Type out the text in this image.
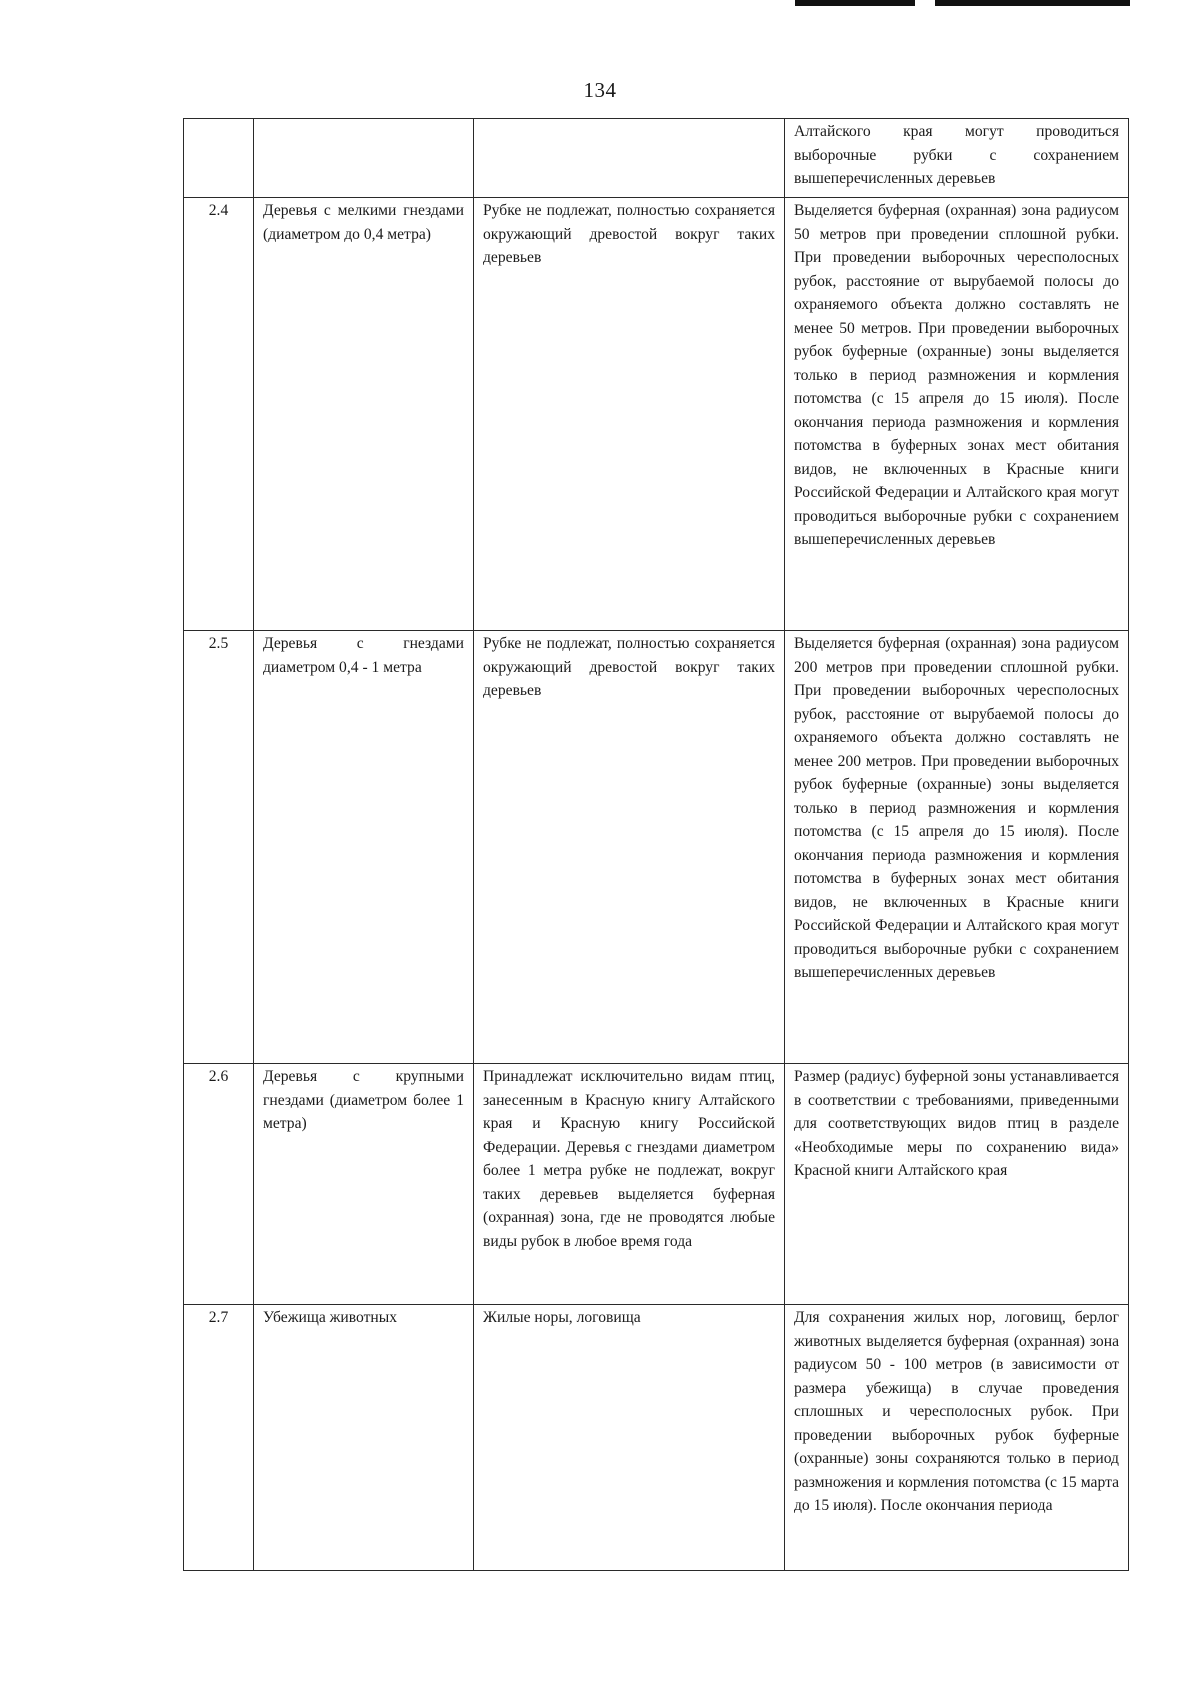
134
			Алтайского края могут проводиться выборочные рубки с сохранением вышеперечисленных деревьев
2.4	Деревья с мелкими гнездами (диаметром до 0,4 метра)	Рубке не подлежат, полностью сохраняется окружающий древостой вокруг таких деревьев	Выделяется буферная (охранная) зона радиусом 50 метров при проведении сплошной рубки. При проведении выборочных чересполосных рубок, расстояние от вырубаемой полосы до охраняемого объекта должно составлять не менее 50 метров. При проведении выборочных рубок буферные (охранные) зоны выделяется только в период размножения и кормления потомства (с 15 апреля до 15 июля). После окончания периода размножения и кормления потомства в буферных зонах мест обитания видов, не включенных в Красные книги Российской Федерации и Алтайского края могут проводиться выборочные рубки с сохранением вышеперечисленных деревьев
2.5	Деревья с гнездами диаметром 0,4 - 1 метра	Рубке не подлежат, полностью сохраняется окружающий древостой вокруг таких деревьев	Выделяется буферная (охранная) зона радиусом 200 метров при проведении сплошной рубки. При проведении выборочных чересполосных рубок, расстояние от вырубаемой полосы до охраняемого объекта должно составлять не менее 200 метров. При проведении выборочных рубок буферные (охранные) зоны выделяется только в период размножения и кормления потомства (с 15 апреля до 15 июля). После окончания периода размножения и кормления потомства в буферных зонах мест обитания видов, не включенных в Красные книги Российской Федерации и Алтайского края могут проводиться выборочные рубки с сохранением вышеперечисленных деревьев
2.6	Деревья с крупными гнездами (диаметром более 1 метра)	Принадлежат исключительно видам птиц, занесенным в Красную книгу Алтайского края и Красную книгу Российской Федерации. Деревья с гнездами диаметром более 1 метра рубке не подлежат, вокруг таких деревьев выделяется буферная (охранная) зона, где не проводятся любые виды рубок в любое время года	Размер (радиус) буферной зоны устанавливается в соответствии с требованиями, приведенными для соответствующих видов птиц в разделе «Необходимые меры по сохранению вида» Красной книги Алтайского края
2.7	Убежища животных	Жилые норы, логовища	Для сохранения жилых нор, логовищ, берлог животных выделяется буферная (охранная) зона радиусом 50 - 100 метров (в зависимости от размера убежища) в случае проведения сплошных и чересполосных рубок. При проведении выборочных рубок буферные (охранные) зоны сохраняются только в период размножения и кормления потомства (с 15 марта до 15 июля). После окончания периода
